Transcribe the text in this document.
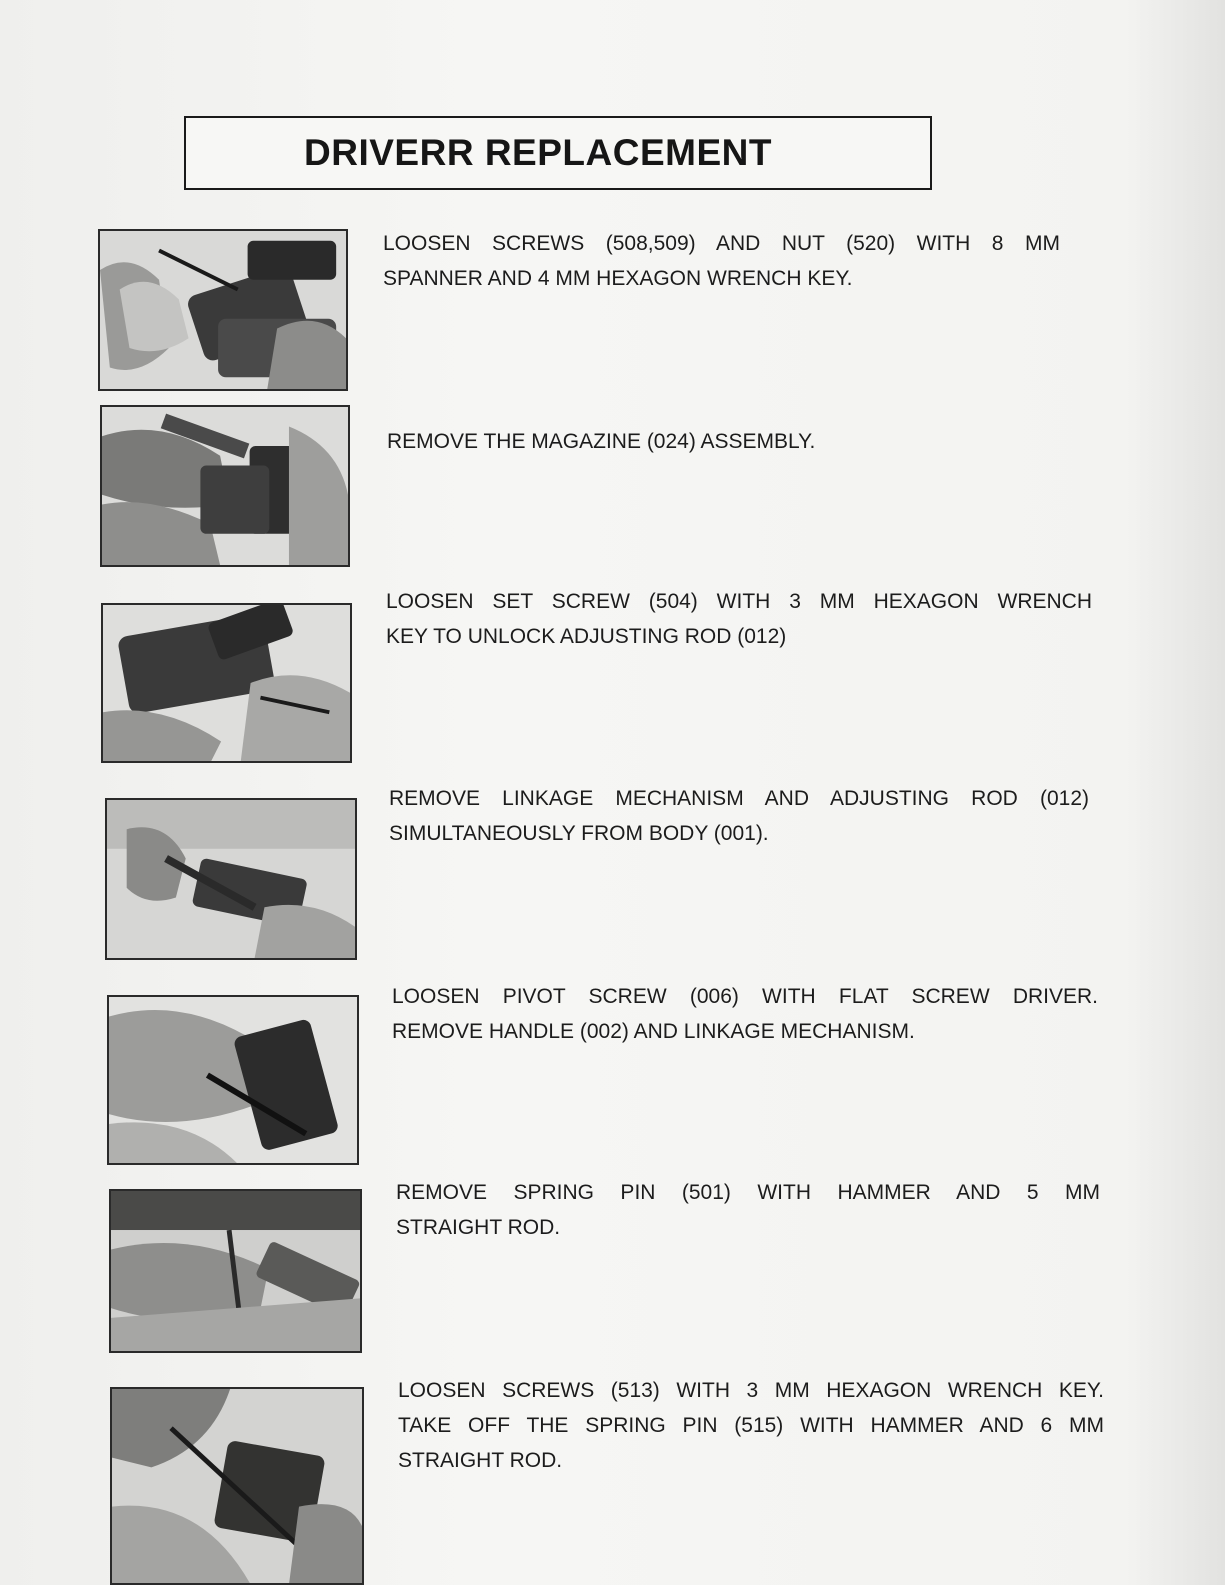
DRIVERR REPLACEMENT
LOOSEN SCREWS (508,509) AND NUT (520) WITH 8 MM
SPANNER AND 4 MM HEXAGON WRENCH KEY.
REMOVE THE MAGAZINE (024) ASSEMBLY.
LOOSEN SET SCREW (504) WITH 3 MM HEXAGON WRENCH
KEY TO UNLOCK ADJUSTING ROD (012)
REMOVE LINKAGE MECHANISM AND ADJUSTING ROD (012)
SIMULTANEOUSLY FROM BODY (001).
LOOSEN PIVOT SCREW (006) WITH FLAT SCREW DRIVER.
REMOVE HANDLE (002) AND LINKAGE MECHANISM.
REMOVE SPRING PIN (501) WITH HAMMER AND 5 MM
STRAIGHT ROD.
LOOSEN SCREWS (513) WITH 3 MM HEXAGON WRENCH KEY.
TAKE OFF THE SPRING PIN (515) WITH HAMMER AND 6 MM
STRAIGHT ROD.
